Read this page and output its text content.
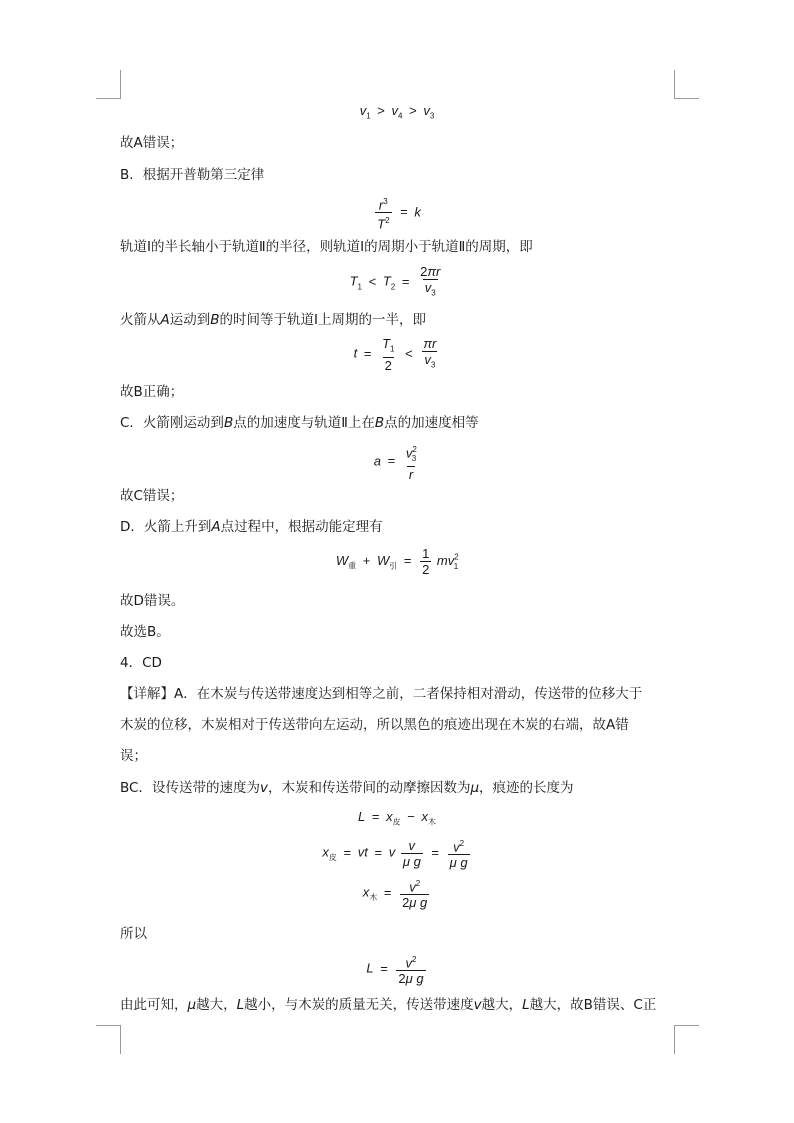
$v_1 > v_4 > v_3$
故A错误；
B．根据开普勒第三定律
$\frac{r^3}{T^2} = k$
轨道Ⅰ的半长轴小于轨道Ⅱ的半径，则轨道Ⅰ的周期小于轨道Ⅱ的周期，即
$T_1 < T_2 = \frac{2\pi r}{v_3}$
火箭从A运动到B的时间等于轨道Ⅰ上周期的一半，即
$t = \frac{T_1}{2} < \frac{\pi r}{v_3}$
故B正确；
C．火箭刚运动到B点的加速度与轨道Ⅱ上在B点的加速度相等
$a = \frac{v^2_3}{r}$
故C错误；
D．火箭上升到A点过程中，根据动能定理有
$W_重 + W_引 = \frac{1}{2} mv^2_1$
故D错误。
故选B。
4．CD
【详解】A．在木炭与传送带速度达到相等之前，二者保持相对滑动，传送带的位移大于
木炭的位移，木炭相对于传送带向左运动，所以黑色的痕迹出现在木炭的右端，故A错
误；
BC．设传送带的速度为v，木炭和传送带间的动摩擦因数为μ，痕迹的长度为
$L = x_皮 - x_木$
$x_皮$ = vt = v $\frac{v}{\text{μ g}} = \frac{v^2}{\text{μ g}}$
$x_木 = \frac{v^2}{\text{2μ g}}$
所以
$L = \frac{v^2}{\text{2μ g}}$
由此可知，μ越大，L越小，与木炭的质量无关，传送带速度v越大，L越大，故B错误、C正
